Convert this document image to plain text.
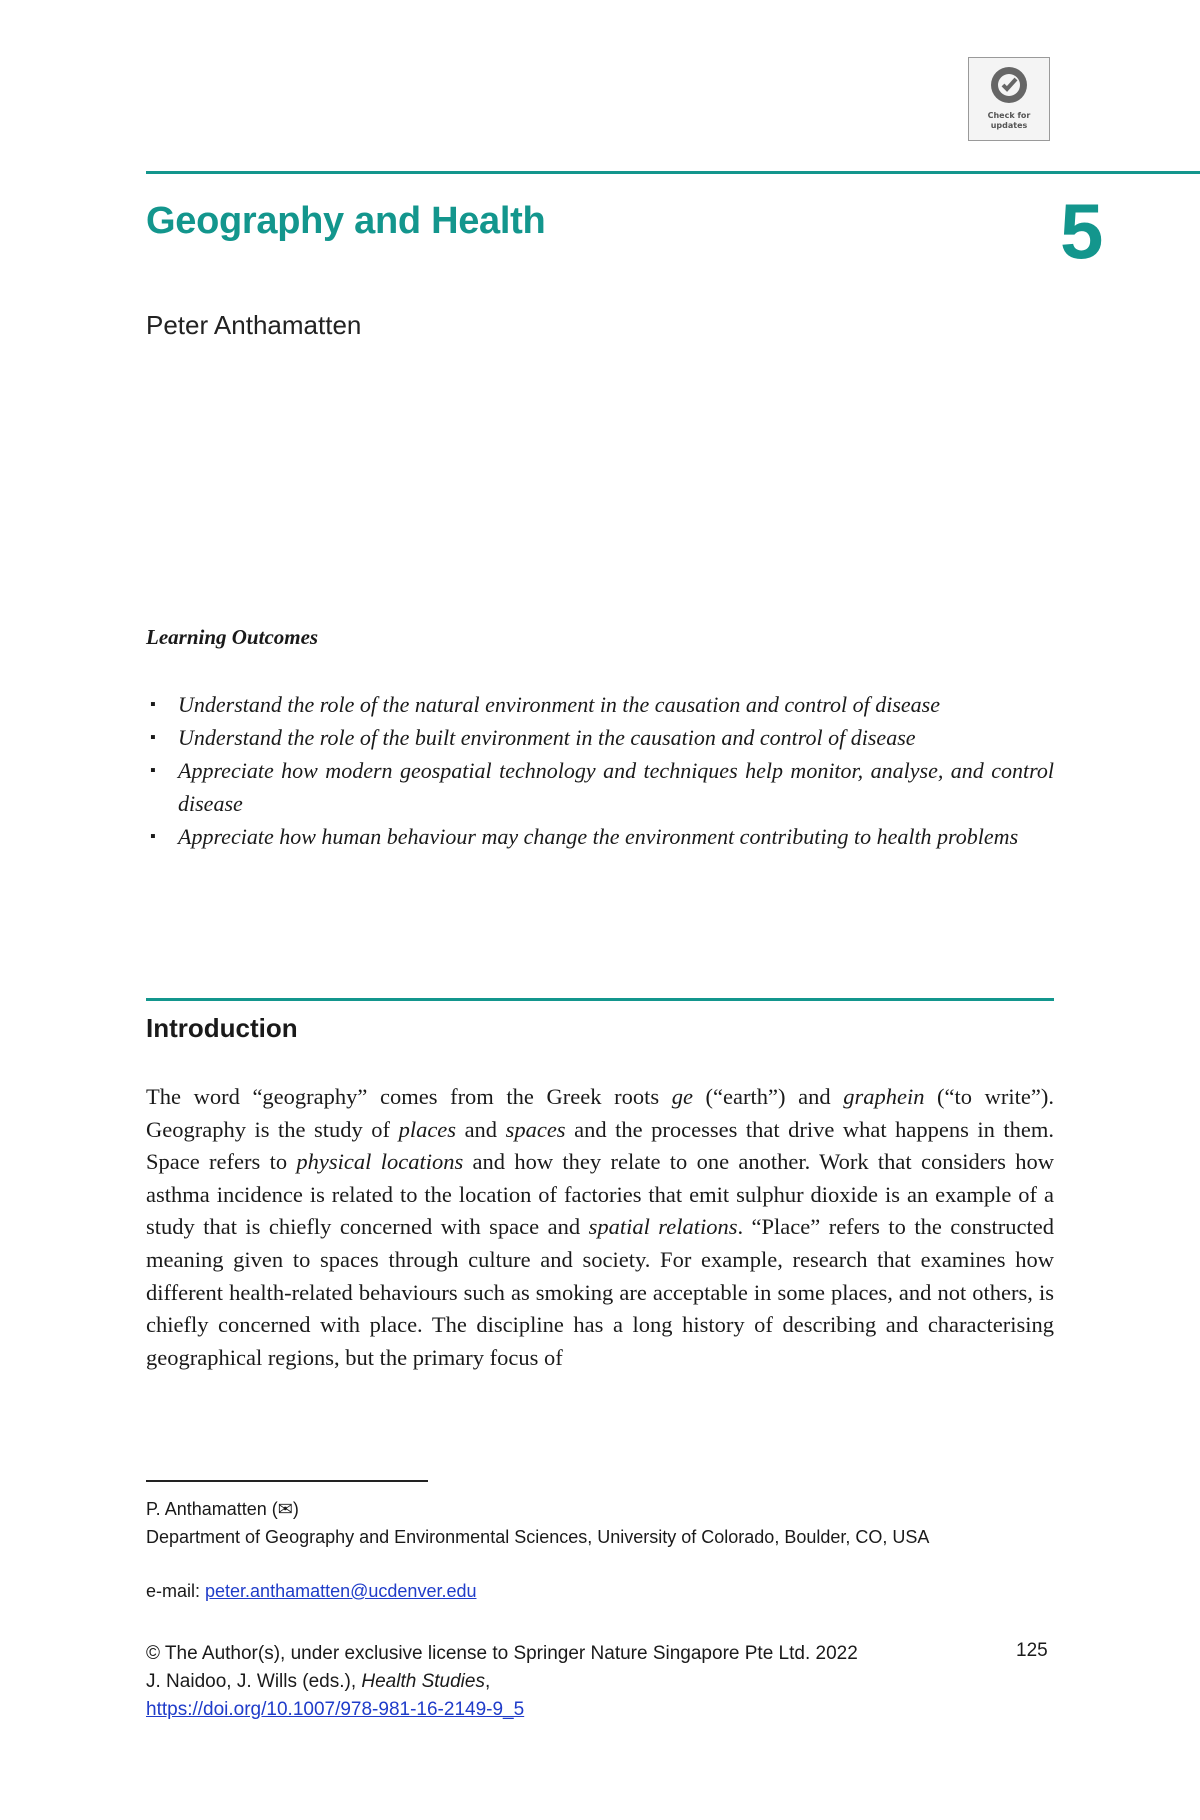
Check for
updates
Geography and Health	5
Peter Anthamatten
Learning Outcomes
▪ Understand the role of the natural environment in the causation and control of disease
▪ Understand the role of the built environment in the causation and control of disease
▪ Appreciate how modern geospatial technology and techniques help monitor, analyse, and control disease
▪ Appreciate how human behaviour may change the environment contributing to health problems
Introduction

The word “geography” comes from the Greek roots ge (“earth”) and graphein (“to write”). Geography is the study of places and spaces and the processes that drive what happens in them. Space refers to physical locations and how they relate to one another. Work that considers how asthma incidence is related to the location of factories that emit sulphur dioxide is an example of a study that is chiefly concerned with space and spatial relations. “Place” refers to the constructed meaning given to spaces through culture and society. For example, research that examines how different health-related behaviours such as smoking are acceptable in some places, and not others, is chiefly concerned with place. The discipline has a long history of describing and characterising geographical regions, but the primary focus of

P. Anthamatten (✉)
Department of Geography and Environmental Sciences, University of Colorado, Boulder, CO, USA
e-mail: peter.anthamatten@ucdenver.edu
© The Author(s), under exclusive license to Springer Nature Singapore Pte Ltd. 2022
J. Naidoo, J. Wills (eds.), Health Studies,
https://doi.org/10.1007/978-981-16-2149-9_5
125
